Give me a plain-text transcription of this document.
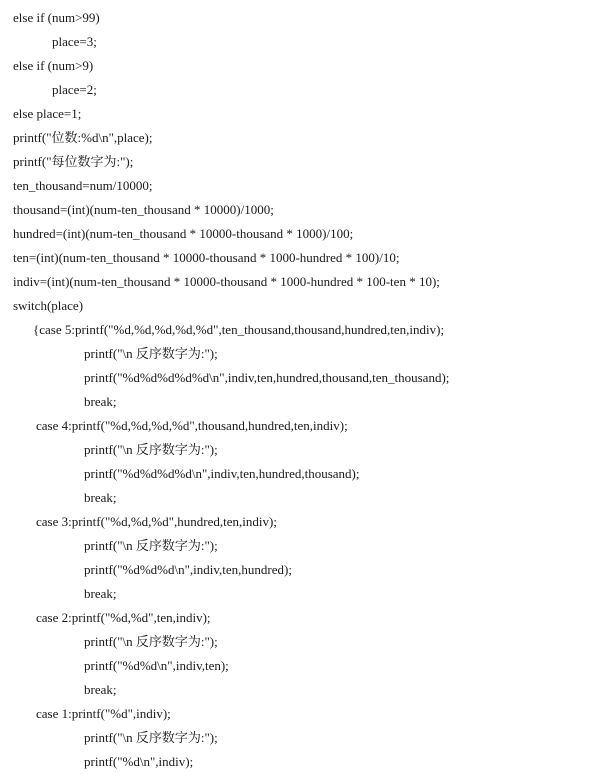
else if (num>99)
place=3;
else if (num>9)
place=2;
else place=1;
printf("位数:%d\n",place);
printf("每位数字为:");
ten_thousand=num/10000;
thousand=(int)(num-ten_thousand * 10000)/1000;
hundred=(int)(num-ten_thousand * 10000-thousand * 1000)/100;
ten=(int)(num-ten_thousand * 10000-thousand * 1000-hundred * 100)/10;
indiv=(int)(num-ten_thousand * 10000-thousand * 1000-hundred * 100-ten * 10);
switch(place)
{case 5:printf("%d,%d,%d,%d,%d",ten_thousand,thousand,hundred,ten,indiv);
printf("\n 反序数字为:");
printf("%d%d%d%d%d\n",indiv,ten,hundred,thousand,ten_thousand);
break;
case 4:printf("%d,%d,%d,%d",thousand,hundred,ten,indiv);
printf("\n 反序数字为:");
printf("%d%d%d%d\n",indiv,ten,hundred,thousand);
break;
case 3:printf("%d,%d,%d",hundred,ten,indiv);
printf("\n 反序数字为:");
printf("%d%d%d\n",indiv,ten,hundred);
break;
case 2:printf("%d,%d",ten,indiv);
printf("\n 反序数字为:");
printf("%d%d\n",indiv,ten);
break;
case 1:printf("%d",indiv);
printf("\n 反序数字为:");
printf("%d\n",indiv);
